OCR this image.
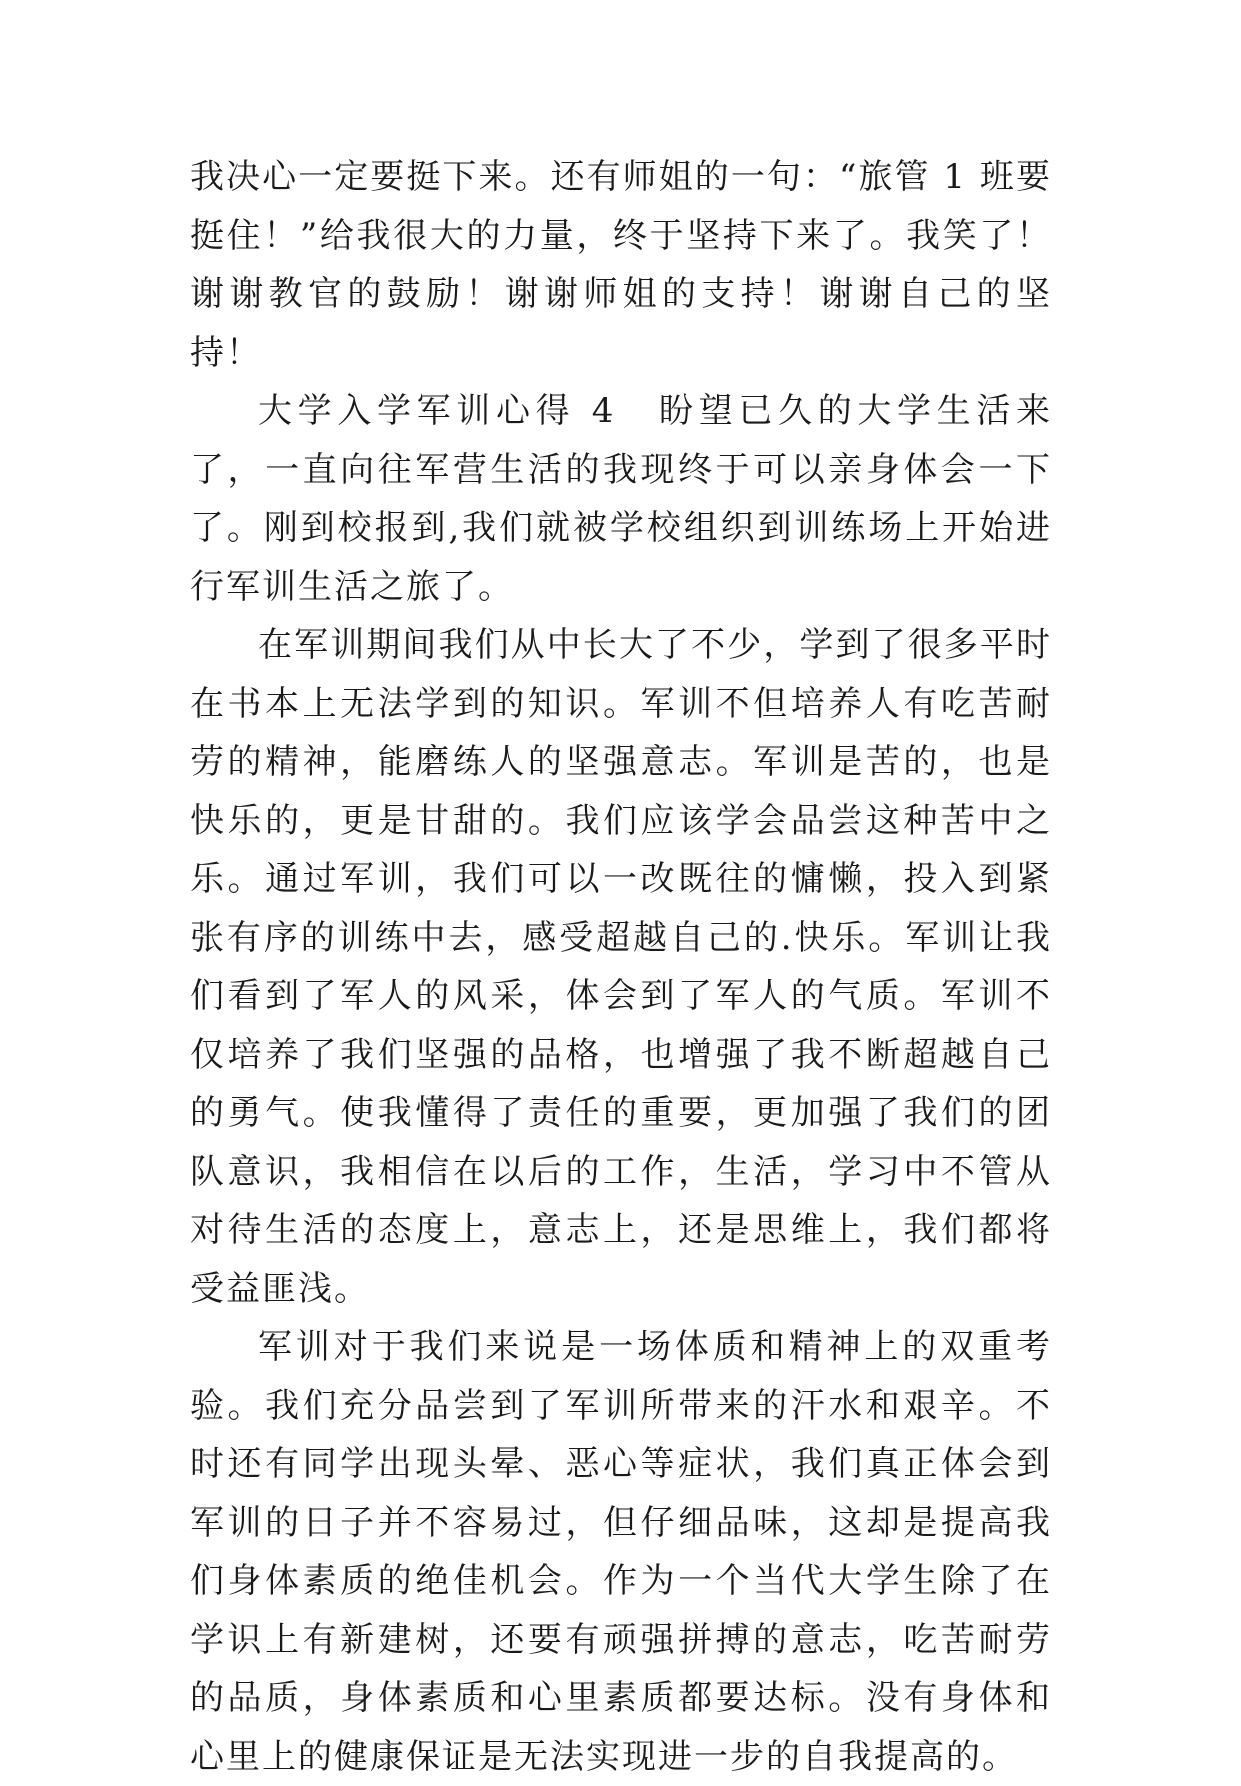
我决心一定要挺下来。还有师姐的一句：“旅管 1 班要挺住！”给我很大的力量，终于坚持下来了。我笑了！谢谢教官的鼓励！谢谢师姐的支持！谢谢自己的坚持！

大学入学军训心得 4 盼望已久的大学生活来了，一直向往军营生活的我现终于可以亲身体会一下了。刚到校报到,我们就被学校组织到训练场上开始进行军训生活之旅了。

在军训期间我们从中长大了不少，学到了很多平时在书本上无法学到的知识。军训不但培养人有吃苦耐劳的精神，能磨练人的坚强意志。军训是苦的，也是快乐的，更是甘甜的。我们应该学会品尝这种苦中之乐。通过军训，我们可以一改既往的慵懒，投入到紧张有序的训练中去，感受超越自己的.快乐。军训让我们看到了军人的风采，体会到了军人的气质。军训不仅培养了我们坚强的品格，也增强了我不断超越自己的勇气。使我懂得了责任的重要，更加强了我们的团队意识，我相信在以后的工作，生活，学习中不管从对待生活的态度上，意志上，还是思维上，我们都将受益匪浅。

军训对于我们来说是一场体质和精神上的双重考验。我们充分品尝到了军训所带来的汗水和艰辛。不时还有同学出现头晕、恶心等症状，我们真正体会到军训的日子并不容易过，但仔细品味，这却是提高我们身体素质的绝佳机会。作为一个当代大学生除了在学识上有新建树，还要有顽强拼搏的意志，吃苦耐劳的品质，身体素质和心里素质都要达标。没有身体和心里上的健康保证是无法实现进一步的自我提高的。
